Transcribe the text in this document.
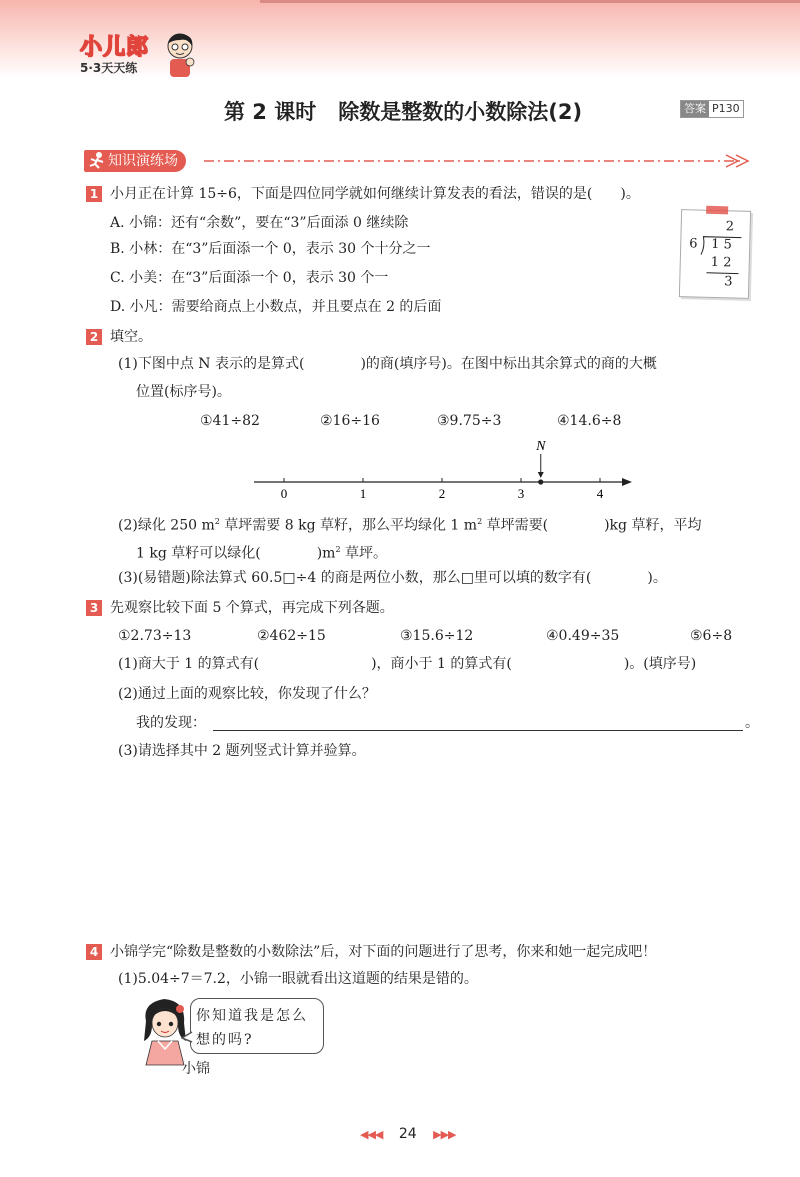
小儿郎
5·3天天练
第 2 课时 除数是整数的小数除法(2)	答案 P130
知识演练场
1 小月正在计算 15÷6，下面是四位同学就如何继续计算发表的看法，错误的是(　　)。
A. 小锦：还有“余数”，要在“3”后面添 0 继续除
B. 小林：在“3”后面添一个 0，表示 30 个十分之一
C. 小美：在“3”后面添一个 0，表示 30 个一
D. 小凡：需要给商点上小数点，并且要点在 2 的后面
2
6 1 5
1 2
3
2 填空。
(1)下图中点 N 表示的是算式(　　　　)的商(填序号)。在图中标出其余算式的商的大概
位置(标序号)。
①41÷82	②16÷16	③9.75÷3	④14.6÷8
0	1	2	3	4
N
(2)绿化 250 $m^2$ 草坪需要 8 kg 草籽，那么平均绿化 1 $m^2$ 草坪需要(　　　　)kg 草籽，平均
1 kg 草籽可以绿化(　　　　)$m^2$ 草坪。
(3)(易错题)除法算式 60.5□÷4 的商是两位小数，那么□里可以填的数字有(　　　　)。
3 先观察比较下面 5 个算式，再完成下列各题。
①2.73÷13	②462÷15	③15.6÷12	④0.49÷35	⑤6÷8
(1)商大于 1 的算式有(　　　　　　　　)，商小于 1 的算式有(　　　　　　　　)。(填序号)
(2)通过上面的观察比较，你发现了什么？
我的发现：	。
(3)请选择其中 2 题列竖式计算并验算。
4 小锦学完“除数是整数的小数除法”后，对下面的问题进行了思考，你来和她一起完成吧！
(1)5.04÷7＝7.2，小锦一眼就看出这道题的结果是错的。
你知道我是怎么
想的吗?
小锦
◀◀◀ 24 ▶▶▶
